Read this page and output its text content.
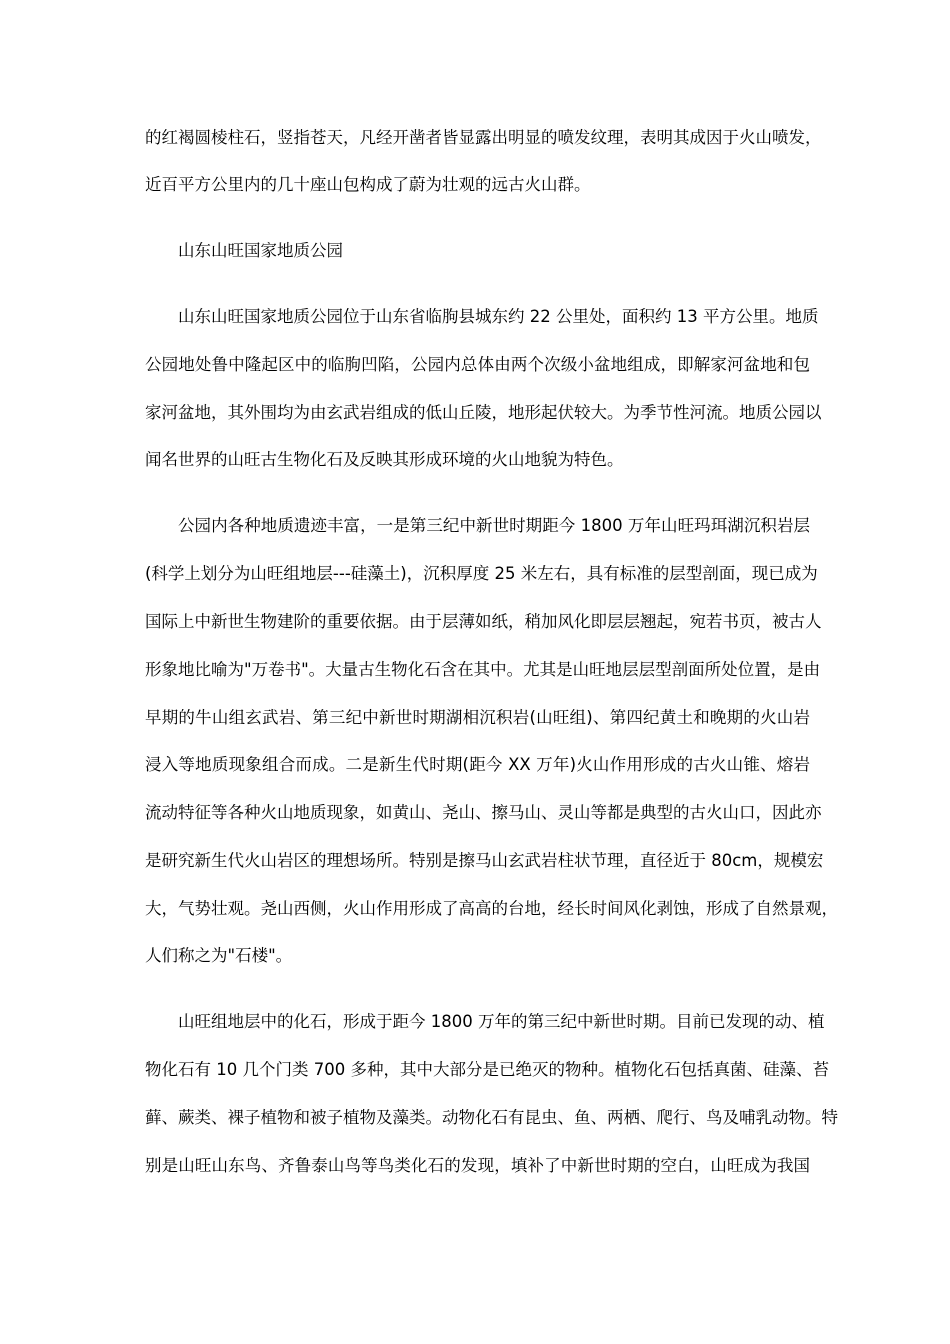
的红褐圆棱柱石，竖指苍天，凡经开凿者皆显露出明显的喷发纹理，表明其成因于火山喷发，
近百平方公里内的几十座山包构成了蔚为壮观的远古火山群。
山东山旺国家地质公园
山东山旺国家地质公园位于山东省临朐县城东约 22 公里处，面积约 13 平方公里。地质
公园地处鲁中隆起区中的临朐凹陷，公园内总体由两个次级小盆地组成，即解家河盆地和包
家河盆地，其外围均为由玄武岩组成的低山丘陵，地形起伏较大。为季节性河流。地质公园以
闻名世界的山旺古生物化石及反映其形成环境的火山地貌为特色。
公园内各种地质遗迹丰富，一是第三纪中新世时期距今 1800 万年山旺玛珥湖沉积岩层
(科学上划分为山旺组地层---硅藻土)，沉积厚度 25 米左右，具有标准的层型剖面，现已成为
国际上中新世生物建阶的重要依据。由于层薄如纸，稍加风化即层层翘起，宛若书页，被古人
形象地比喻为"万卷书"。大量古生物化石含在其中。尤其是山旺地层层型剖面所处位置，是由
早期的牛山组玄武岩、第三纪中新世时期湖相沉积岩(山旺组)、第四纪黄土和晚期的火山岩
浸入等地质现象组合而成。二是新生代时期(距今 XX 万年)火山作用形成的古火山锥、熔岩
流动特征等各种火山地质现象，如黄山、尧山、擦马山、灵山等都是典型的古火山口，因此亦
是研究新生代火山岩区的理想场所。特别是擦马山玄武岩柱状节理，直径近于 80cm，规模宏
大，气势壮观。尧山西侧，火山作用形成了高高的台地，经长时间风化剥蚀，形成了自然景观，
人们称之为"石楼"。
山旺组地层中的化石，形成于距今 1800 万年的第三纪中新世时期。目前已发现的动、植
物化石有 10 几个门类 700 多种，其中大部分是已绝灭的物种。植物化石包括真菌、硅藻、苔
藓、蕨类、裸子植物和被子植物及藻类。动物化石有昆虫、鱼、两栖、爬行、鸟及哺乳动物。特
别是山旺山东鸟、齐鲁泰山鸟等鸟类化石的发现，填补了中新世时期的空白，山旺成为我国
